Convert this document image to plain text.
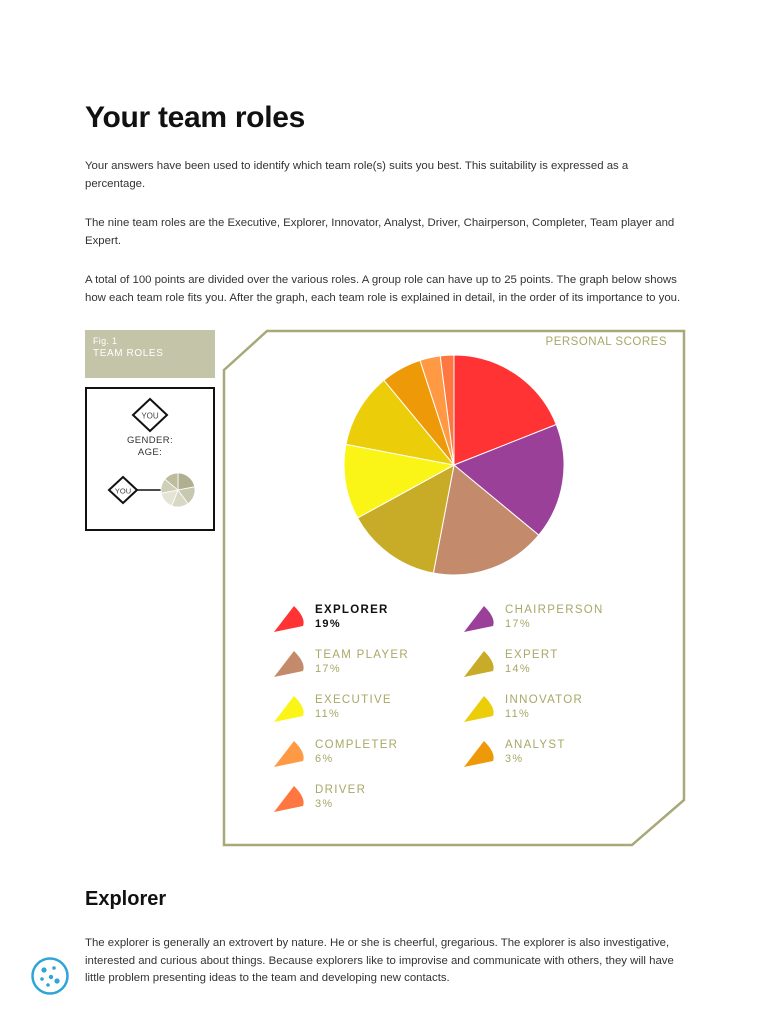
Your team roles
Your answers have been used to identify which team role(s) suits you best. This suitability is expressed as a percentage.
The nine team roles are the Executive, Explorer, Innovator, Analyst, Driver, Chairperson, Completer, Team player and Expert.
A total of 100 points are divided over the various roles. A group role can have up to 25 points. The graph below shows how each team role fits you. After the graph, each team role is explained in detail, in the order of its importance to you.
Fig. 1
TEAM ROLES
YOU
YOU
GENDER:
AGE:
PERSONAL SCORES
EXPLORER
19%
CHAIRPERSON
17%
TEAM PLAYER
17%
EXPERT
14%
EXECUTIVE
11%
INNOVATOR
11%
COMPLETER
6%
ANALYST
3%
DRIVER
3%
Explorer
The explorer is generally an extrovert by nature. He or she is cheerful, gregarious. The explorer is also investigative, interested and curious about things. Because explorers like to improvise and communicate with others, they will have little problem presenting ideas to the team and developing new contacts.
